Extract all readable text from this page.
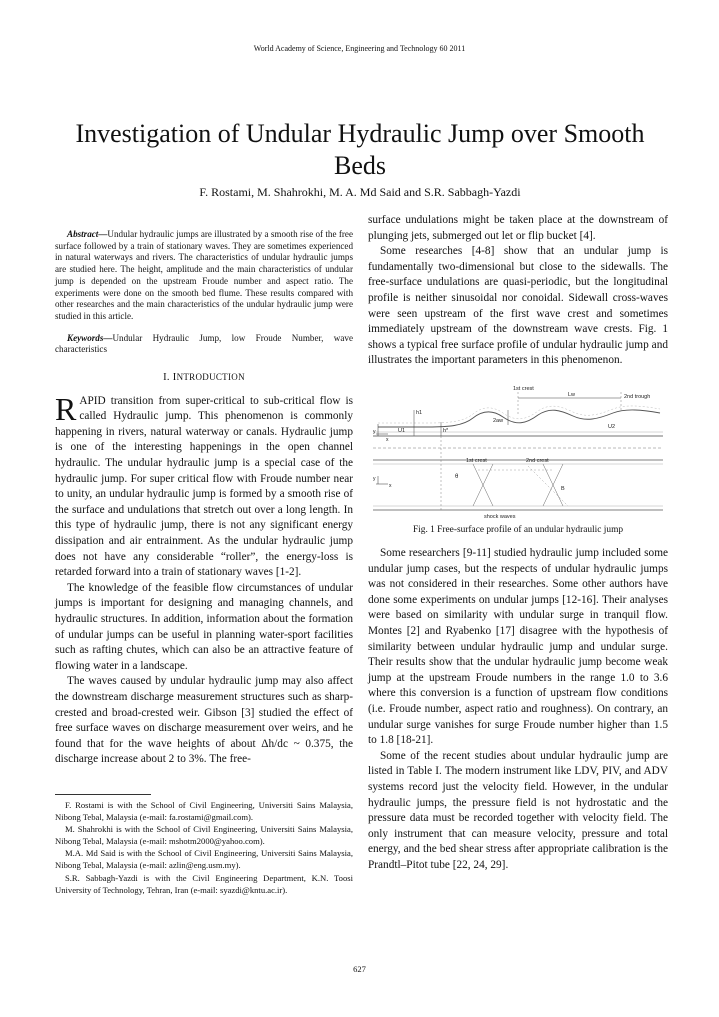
World Academy of Science, Engineering and Technology 60 2011
Investigation of Undular Hydraulic Jump over Smooth Beds
F. Rostami, M. Shahrokhi, M. A. Md Said and S.R. Sabbagh-Yazdi

Abstract—Undular hydraulic jumps are illustrated by a smooth rise of the free surface followed by a train of stationary waves. They are sometimes experienced in natural waterways and rivers. The characteristics of undular hydraulic jumps are studied here. The height, amplitude and the main characteristics of undular jump is depended on the upstream Froude number and aspect ratio. The experiments were done on the smooth bed flume. These results compared with other researches and the main characteristics of the undular hydraulic jump were studied in this article.

Keywords—Undular Hydraulic Jump, low Froude Number, wave characteristics

I. INTRODUCTION

RAPID transition from super-critical to sub-critical flow is called Hydraulic jump. This phenomenon is commonly happening in rivers, natural waterway or canals. Hydraulic jump is one of the interesting happenings in the open channel hydraulic. The undular hydraulic jump is a special case of the hydraulic jump. For super critical flow with Froude number near to unity, an undular hydraulic jump is formed by a smooth rise of the surface and undulations that stretch out over a long length. In this type of hydraulic jump, there is not any significant energy dissipation and air entrainment. As the undular hydraulic jump does not have any considerable “roller”, the energy-loss is retarded forward into a train of stationary waves [1-2].

The knowledge of the feasible flow circumstances of undular jumps is important for designing and managing channels, and hydraulic structures. In addition, information about the formation of undular jumps can be useful in planning water-sport facilities such as rafting chutes, which can also be an attractive feature of flowing water in a landscape.

The waves caused by undular hydraulic jump may also affect the downstream discharge measurement structures such as sharp-crested and broad-crested weir. Gibson [3] studied the effect of free surface waves on discharge measurement over weirs, and he found that for the wave heights of about Δh/dc ~ 0.375, the discharge increase about 2 to 3%. The free-

F. Rostami is with the School of Civil Engineering, Universiti Sains Malaysia, Nibong Tebal, Malaysia (e-mail: fa.rostami@gmail.com).

M. Shahrokhi is with the School of Civil Engineering, Universiti Sains Malaysia, Nibong Tebal, Malaysia (e-mail: mshotm2000@yahoo.com).

M.A. Md Said is with the School of Civil Engineering, Universiti Sains Malaysia, Nibong Tebal, Malaysia (e-mail: azlin@eng.usm.my).

S.R. Sabbagh-Yazdi is with the Civil Engineering Department, K.N. Toosi University of Technology, Tehran, Iran (e-mail: syazdi@kntu.ac.ir).

surface undulations might be taken place at the downstream of plunging jets, submerged out let or flip bucket [4].

Some researches [4-8] show that an undular jump is fundamentally two-dimensional but close to the sidewalls. The free-surface undulations are quasi-periodic, but the longitudinal profile is neither sinusoidal nor conoidal. Sidewall cross-waves were seen upstream of the first wave crest and sometimes immediately upstream of the downstream wave crests. Fig. 1 shows a typical free surface profile of undular hydraulic jump and illustrates the important parameters in this phenomenon.

1st crest
Lw	2nd trough
h1
2aw
U1	h*
U2
y
x
1st crest	2nd crest
θ
B
shock waves
y
x
Fig. 1 Free-surface profile of an undular hydraulic jump

Some researchers [9-11] studied hydraulic jump included some undular jump cases, but the respects of undular hydraulic jumps was not considered in their researches. Some other authors have done some experiments on undular jumps [12-16]. Their analyses were based on similarity with undular surge in tranquil flow. Montes [2] and Ryabenko [17] disagree with the hypothesis of similarity between undular hydraulic jump and undular surge. Their results show that the undular hydraulic jump become weak jump at the upstream Froude numbers in the range 1.0 to 3.6 where this conversion is a function of upstream flow conditions (i.e. Froude number, aspect ratio and roughness). On contrary, an undular surge vanishes for surge Froude number higher than 1.5 to 1.8 [18-21].

Some of the recent studies about undular hydraulic jump are listed in Table I. The modern instrument like LDV, PIV, and ADV systems record just the velocity field. However, in the undular hydraulic jumps, the pressure field is not hydrostatic and the pressure data must be recorded together with velocity field. The only instrument that can measure velocity, pressure and total energy, and the bed shear stress after appropriate calibration is the Prandtl–Pitot tube [22, 24, 29].

627
